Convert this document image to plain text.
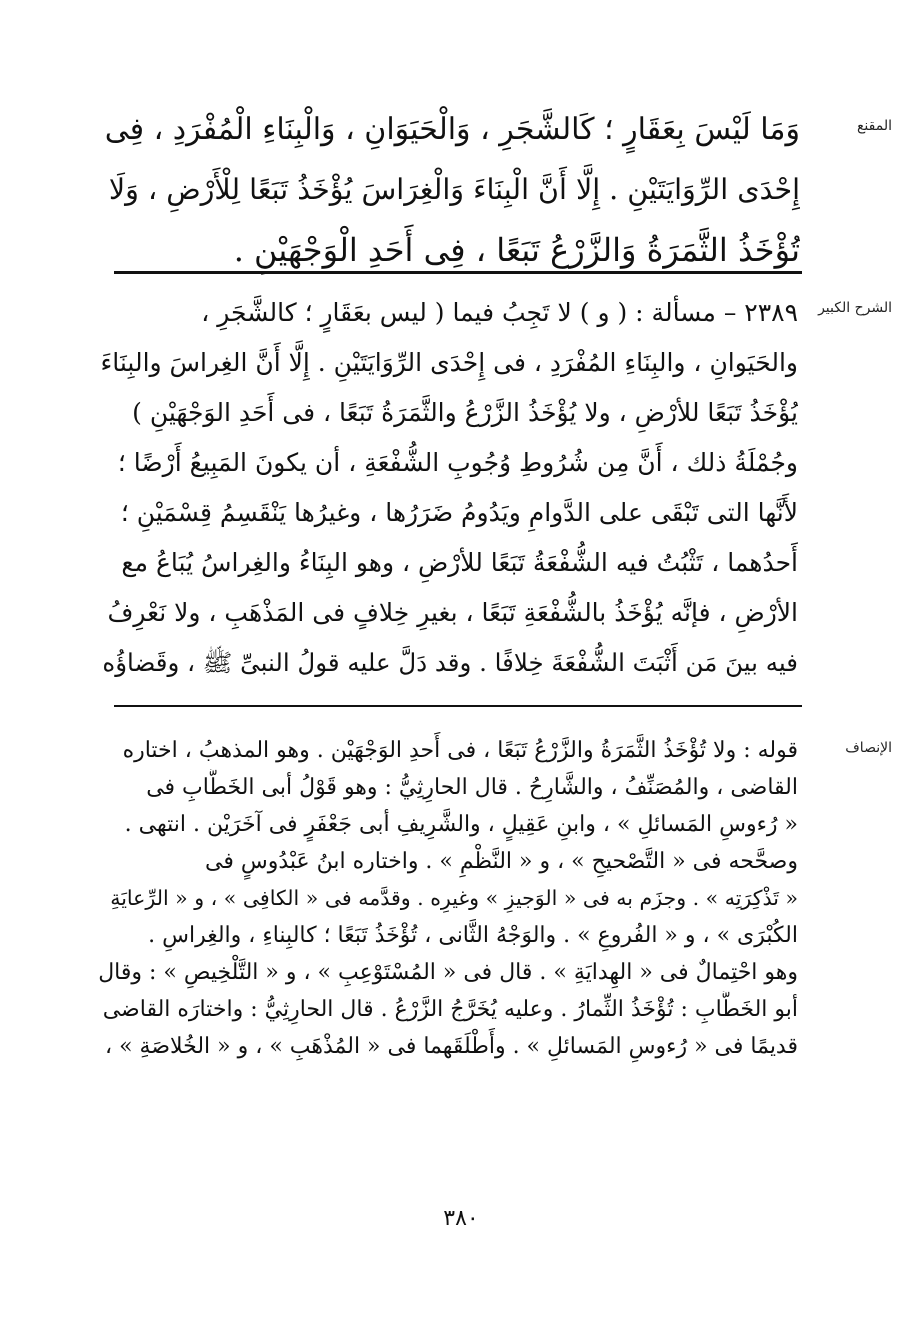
المقنع
وَمَا لَيْسَ بِعَقَارٍ ؛ كَالشَّجَرِ ، وَالْحَيَوَانِ ، وَالْبِنَاءِ الْمُفْرَدِ ، فِى
إِحْدَى الرِّوَايَتَيْنِ . إِلَّا أَنَّ الْبِنَاءَ وَالْغِرَاسَ يُؤْخَذُ تَبَعًا لِلْأَرْضِ ، وَلَا
تُؤْخَذُ الثَّمَرَةُ وَالزَّرْعُ تَبَعًا ، فِى أَحَدِ الْوَجْهَيْنِ .
الشرح الكبير
٢٣٨٩ – مسألة : ( و ) لا تَجِبُ فيما ( ليس بعَقَارٍ ؛ كالشَّجَرِ ،
والحَيَوانِ ، والبِنَاءِ المُفْرَدِ ، فى إِحْدَى الرِّوَايَتَيْنِ . إِلَّا أَنَّ الغِراسَ والبِنَاءَ
يُؤْخَذُ تَبَعًا للأرْضِ ، ولا يُؤْخَذُ الزَّرْعُ والثَّمَرَةُ تَبَعًا ، فى أَحَدِ الوَجْهَيْنِ )
وجُمْلَةُ ذلك ، أَنَّ مِن شُرُوطِ وُجُوبِ الشُّفْعَةِ ، أن يكونَ المَبِيعُ أَرْضًا ؛
لأَنَّها التى تَبْقَى على الدَّوامِ ويَدُومُ ضَرَرُها ، وغيرُها يَنْقَسِمُ قِسْمَيْنِ ؛
أَحدُهما ، تَثْبُتُ فيه الشُّفْعَةُ تَبَعًا للأرْضِ ، وهو البِنَاءُ والغِراسُ يُبَاعُ مع
الأرْضِ ، فإنَّه يُؤْخَذُ بالشُّفْعَةِ تَبَعًا ، بغيرِ خِلافٍ فى المَذْهَبِ ، ولا نَعْرِفُ
فيه بينَ مَن أَثْبَتَ الشُّفْعَةَ خِلافًا . وقد دَلَّ عليه قولُ النبىِّ ﷺ ، وقَضاؤُه
الإنصاف
قوله : ولا تُؤْخَذُ الثَّمَرَةُ والزَّرْعُ تَبَعًا ، فى أَحدِ الوَجْهَيْن . وهو المذهبُ ، اختاره
القاضى ، والمُصَنِّفُ ، والشَّارِحُ . قال الحارِثِيُّ : وهو قَوْلُ أبى الخَطَّابِ فى
« رُءوسِ المَسائلِ » ، وابنِ عَقِيلٍ ، والشَّرِيفِ أبى جَعْفَرٍ فى آخَرَيْن . انتهى .
وصحَّحه فى « التَّصْحيحِ » ، و « النَّظْمِ » . واختاره ابنُ عَبْدُوسٍ فى
« تَذْكِرَتِه » . وجزَم به فى « الوَجيزِ » وغيرِه . وقدَّمه فى « الكافِى » ، و « الرِّعايَةِ
الكُبْرَى » ، و « الفُروعِ » . والوَجْهُ الثَّانى ، تُؤْخَذُ تَبَعًا ؛ كالبِناءِ ، والغِراسِ .
وهو احْتِمالٌ فى « الهِدايَةِ » . قال فى « المُسْتَوْعِبِ » ، و « التَّلْخِيصِ » : وقال
أبو الخَطَّابِ : تُؤْخَذُ الثِّمارُ . وعليه يُخَرَّجُ الزَّرْعُ . قال الحارِثِيُّ : واختارَه القاضى
قديمًا فى « رُءوسِ المَسائلِ » . وأَطْلَقَهما فى « المُذْهَبِ » ، و « الخُلاصَةِ » ،
٣٨٠
